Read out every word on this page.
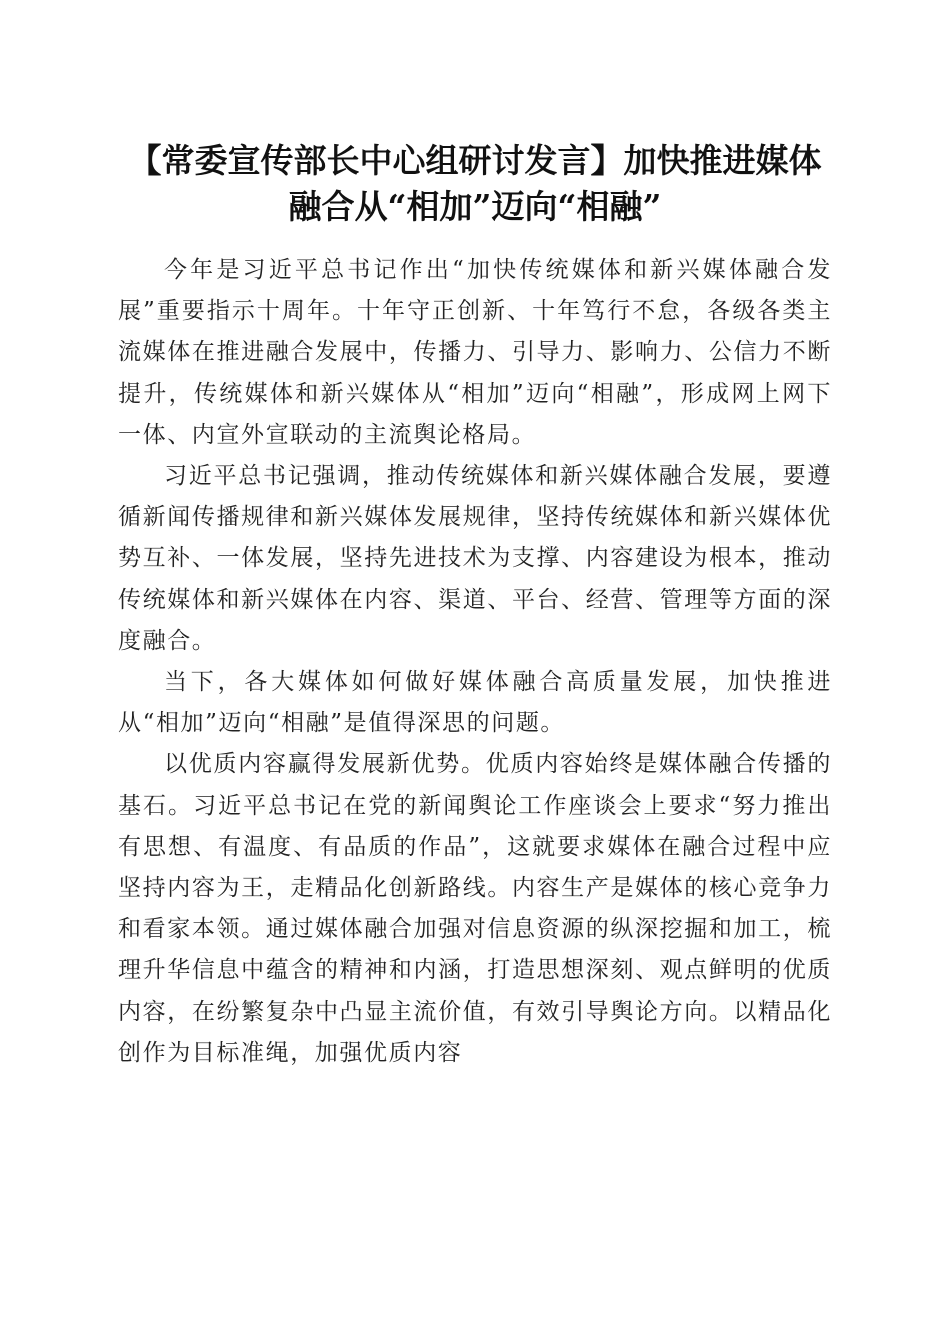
【常委宣传部长中心组研讨发言】加快推进媒体融合从“相加”迈向“相融”

今年是习近平总书记作出“加快传统媒体和新兴媒体融合发展”重要指示十周年。十年守正创新、十年笃行不怠，各级各类主流媒体在推进融合发展中，传播力、引导力、影响力、公信力不断提升，传统媒体和新兴媒体从“相加”迈向“相融”，形成网上网下一体、内宣外宣联动的主流舆论格局。

习近平总书记强调，推动传统媒体和新兴媒体融合发展，要遵循新闻传播规律和新兴媒体发展规律，坚持传统媒体和新兴媒体优势互补、一体发展，坚持先进技术为支撑、内容建设为根本，推动传统媒体和新兴媒体在内容、渠道、平台、经营、管理等方面的深度融合。

当下，各大媒体如何做好媒体融合高质量发展，加快推进从“相加”迈向“相融”是值得深思的问题。

以优质内容赢得发展新优势。优质内容始终是媒体融合传播的基石。习近平总书记在党的新闻舆论工作座谈会上要求“努力推出有思想、有温度、有品质的作品”，这就要求媒体在融合过程中应坚持内容为王，走精品化创新路线。内容生产是媒体的核心竞争力和看家本领。通过媒体融合加强对信息资源的纵深挖掘和加工，梳理升华信息中蕴含的精神和内涵，打造思想深刻、观点鲜明的优质内容，在纷繁复杂中凸显主流价值，有效引导舆论方向。以精品化创作为目标准绳，加强优质内容
